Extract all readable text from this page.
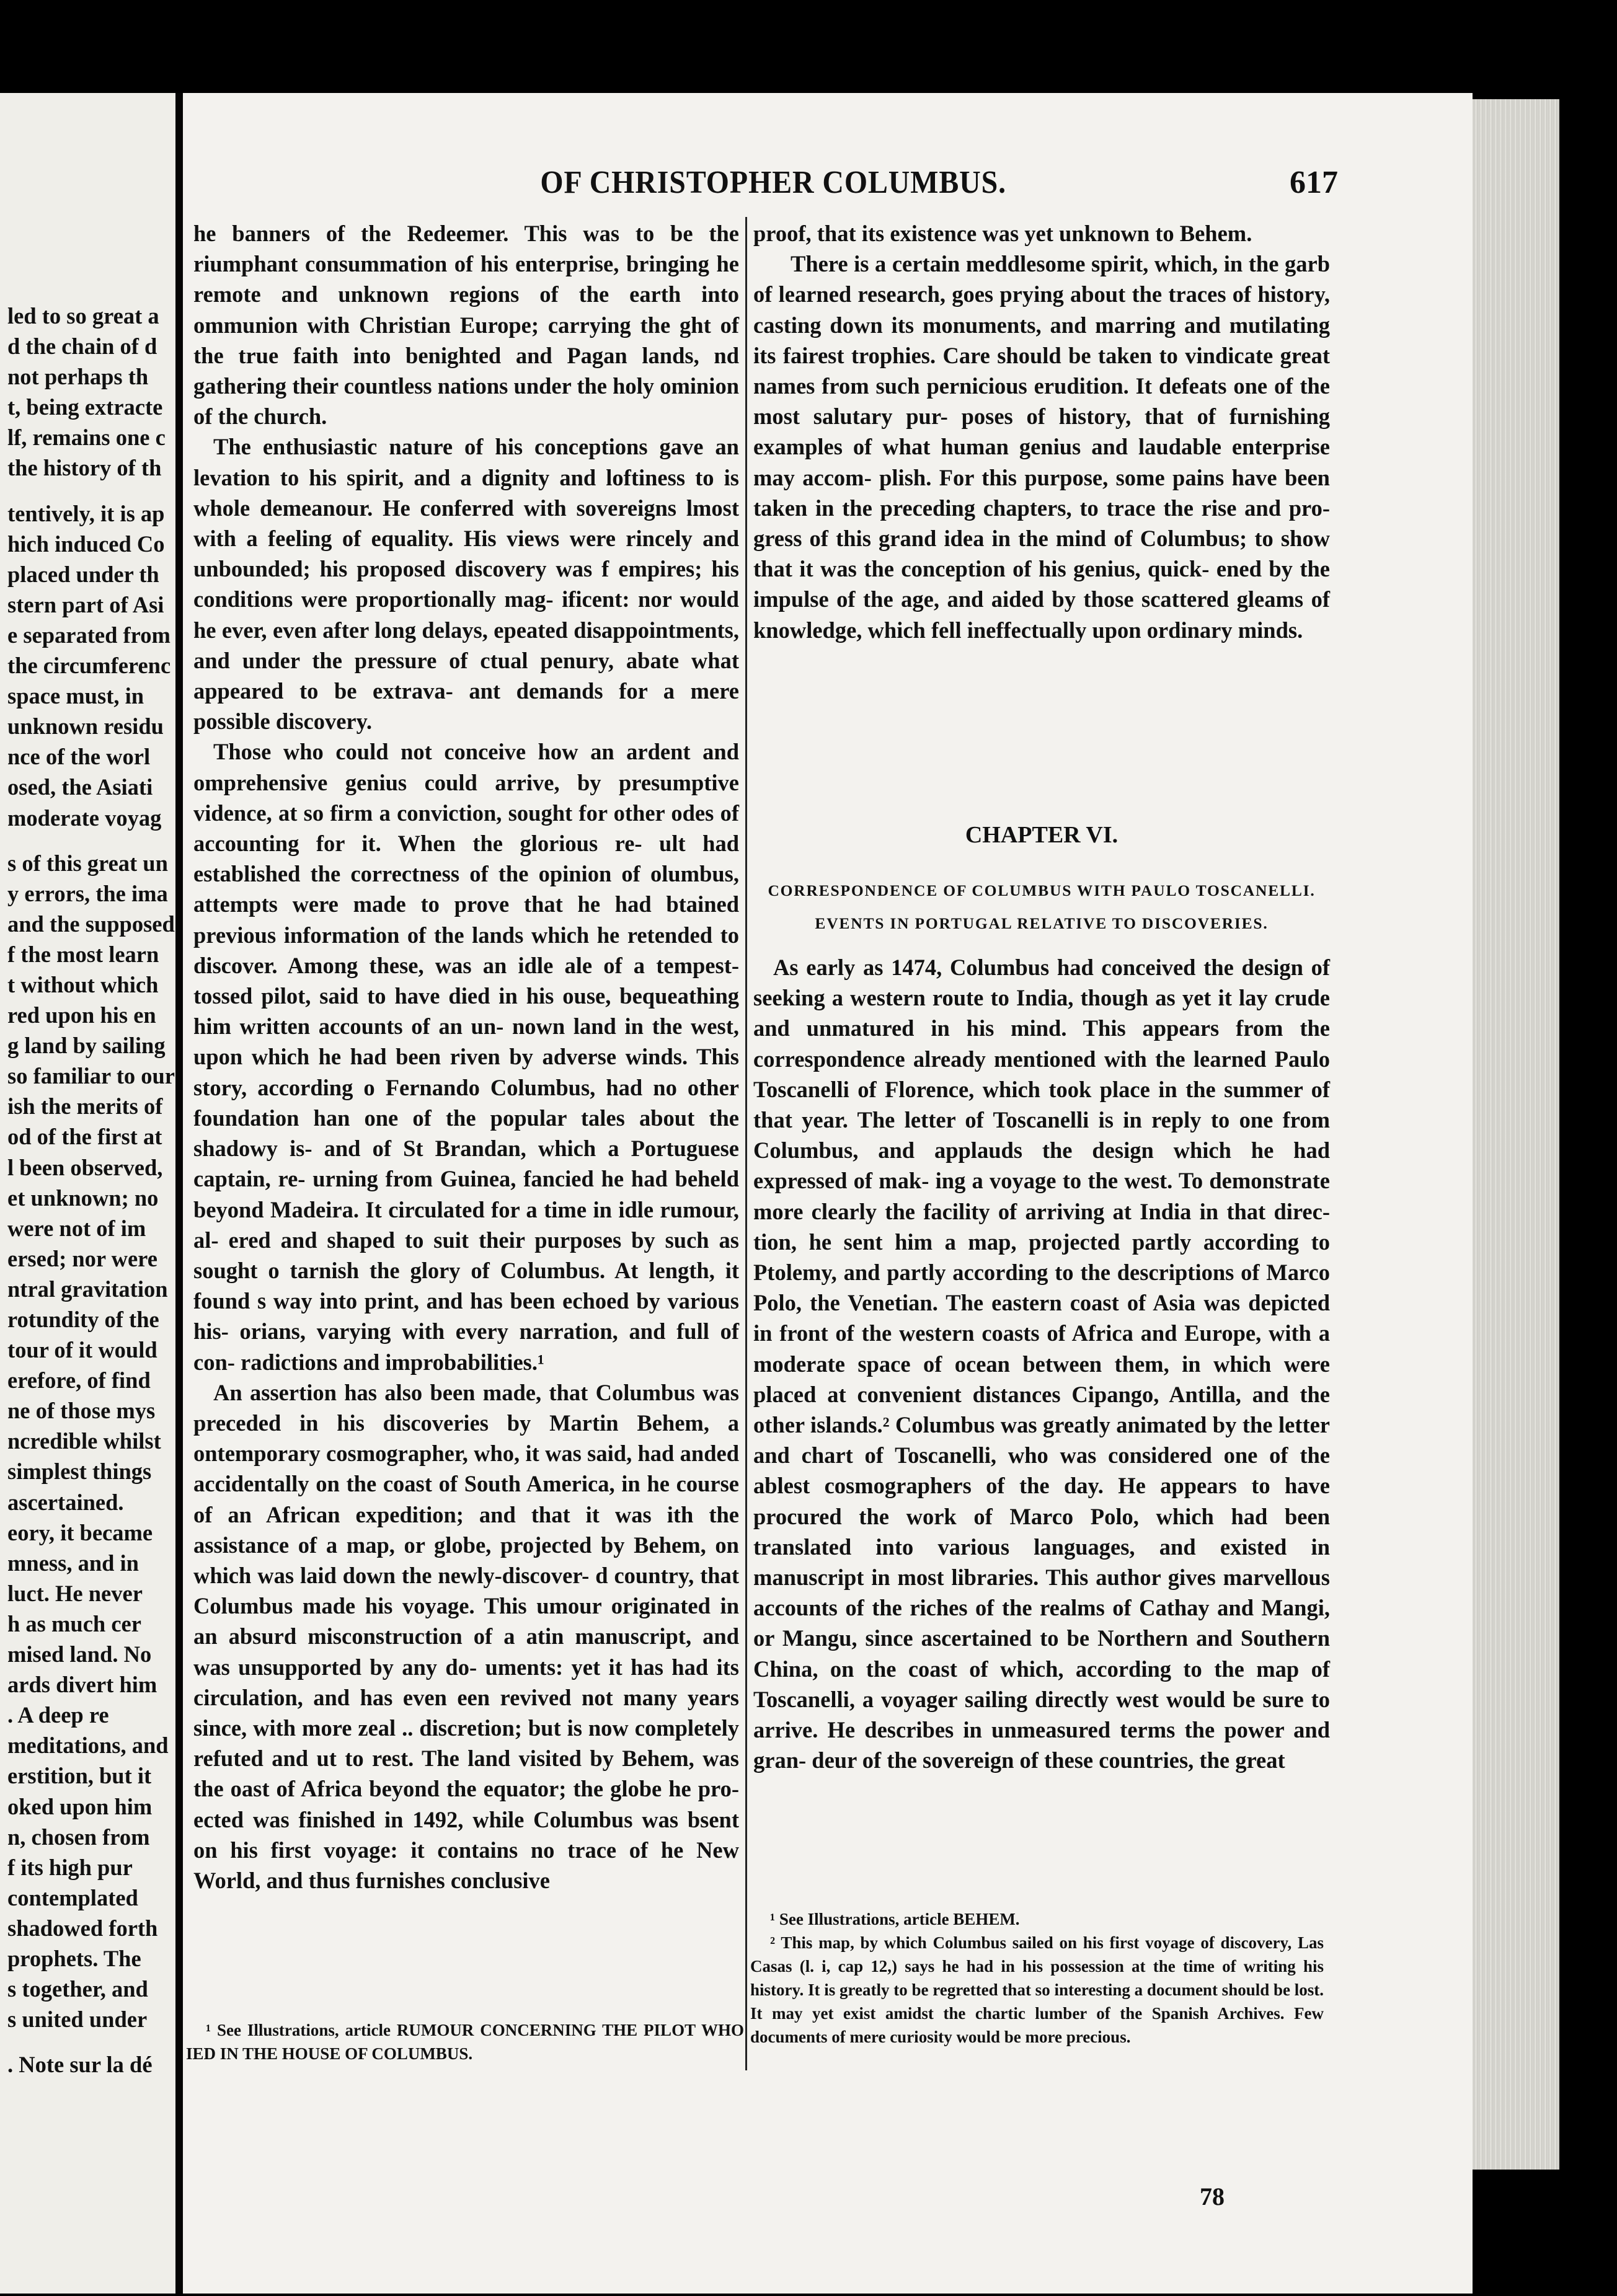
led to so great a
d the chain of d
not perhaps th
t, being extracte
lf, remains one c
the history of th
tentively, it is ap
hich induced Co
placed under th
stern part of Asi
e separated from
the circumferenc
space must, in
unknown residu
nce of the worl
osed, the Asiati
moderate voyag
s of this great un
y errors, the ima
and the supposed
f the most learn
t without which
red upon his en
g land by sailing
so familiar to our
ish the merits of
od of the first at
l been observed,
et unknown; no
were not of im
ersed; nor were
ntral gravitation
rotundity of the
tour of it would
erefore, of find
ne of those mys
ncredible whilst
simplest things
ascertained.
eory, it became
mness, and in
luct. He never
h as much cer
mised land. No
ards divert him
. A deep re
meditations, and
erstition, but it
oked upon him
n, chosen from
f its high pur
contemplated
shadowed forth
prophets. The
s together, and
s united under
. Note sur la dé
OF CHRISTOPHER COLUMBUS.	617

he banners of the Redeemer. This was to be the riumphant consummation of his enterprise, bringing he remote and unknown regions of the earth into ommunion with Christian Europe; carrying the ght of the true faith into benighted and Pagan lands, nd gathering their countless nations under the holy ominion of the church.

The enthusiastic nature of his conceptions gave an levation to his spirit, and a dignity and loftiness to is whole demeanour. He conferred with sovereigns lmost with a feeling of equality. His views were rincely and unbounded; his proposed discovery was f empires; his conditions were proportionally mag- ificent: nor would he ever, even after long delays, epeated disappointments, and under the pressure of ctual penury, abate what appeared to be extrava- ant demands for a mere possible discovery.

Those who could not conceive how an ardent and omprehensive genius could arrive, by presumptive vidence, at so firm a conviction, sought for other odes of accounting for it. When the glorious re- ult had established the correctness of the opinion of olumbus, attempts were made to prove that he had btained previous information of the lands which he retended to discover. Among these, was an idle ale of a tempest-tossed pilot, said to have died in his ouse, bequeathing him written accounts of an un- nown land in the west, upon which he had been riven by adverse winds. This story, according o Fernando Columbus, had no other foundation han one of the popular tales about the shadowy is- and of St Brandan, which a Portuguese captain, re- urning from Guinea, fancied he had beheld beyond Madeira. It circulated for a time in idle rumour, al- ered and shaped to suit their purposes by such as sought o tarnish the glory of Columbus. At length, it found s way into print, and has been echoed by various his- orians, varying with every narration, and full of con- radictions and improbabilities.¹

An assertion has also been made, that Columbus was preceded in his discoveries by Martin Behem, a ontemporary cosmographer, who, it was said, had anded accidentally on the coast of South America, in he course of an African expedition; and that it was ith the assistance of a map, or globe, projected by Behem, on which was laid down the newly-discover- d country, that Columbus made his voyage. This umour originated in an absurd misconstruction of a atin manuscript, and was unsupported by any do- uments: yet it has had its circulation, and has even een revived not many years since, with more zeal .. discretion; but is now completely refuted and ut to rest. The land visited by Behem, was the oast of Africa beyond the equator; the globe he pro- ected was finished in 1492, while Columbus was bsent on his first voyage: it contains no trace of he New World, and thus furnishes conclusive

proof, that its existence was yet unknown to Behem.

There is a certain meddlesome spirit, which, in the garb of learned research, goes prying about the traces of history, casting down its monuments, and marring and mutilating its fairest trophies. Care should be taken to vindicate great names from such pernicious erudition. It defeats one of the most salutary pur- poses of history, that of furnishing examples of what human genius and laudable enterprise may accom- plish. For this purpose, some pains have been taken in the preceding chapters, to trace the rise and pro- gress of this grand idea in the mind of Columbus; to show that it was the conception of his genius, quick- ened by the impulse of the age, and aided by those scattered gleams of knowledge, which fell ineffectually upon ordinary minds.

CHAPTER VI.
CORRESPONDENCE OF COLUMBUS WITH PAULO TOSCANELLI.
EVENTS IN PORTUGAL RELATIVE TO DISCOVERIES.

As early as 1474, Columbus had conceived the design of seeking a western route to India, though as yet it lay crude and unmatured in his mind. This appears from the correspondence already mentioned with the learned Paulo Toscanelli of Florence, which took place in the summer of that year. The letter of Toscanelli is in reply to one from Columbus, and applauds the design which he had expressed of mak- ing a voyage to the west. To demonstrate more clearly the facility of arriving at India in that direc- tion, he sent him a map, projected partly according to Ptolemy, and partly according to the descriptions of Marco Polo, the Venetian. The eastern coast of Asia was depicted in front of the western coasts of Africa and Europe, with a moderate space of ocean between them, in which were placed at convenient distances Cipango, Antilla, and the other islands.² Columbus was greatly animated by the letter and chart of Toscanelli, who was considered one of the ablest cosmographers of the day. He appears to have procured the work of Marco Polo, which had been translated into various languages, and existed in manuscript in most libraries. This author gives marvellous accounts of the riches of the realms of Cathay and Mangi, or Mangu, since ascertained to be Northern and Southern China, on the coast of which, according to the map of Toscanelli, a voyager sailing directly west would be sure to arrive. He describes in unmeasured terms the power and gran- deur of the sovereign of these countries, the great

¹ See Illustrations, article BEHEM.

² This map, by which Columbus sailed on his first voyage of discovery, Las Casas (l. i, cap 12,) says he had in his possession at the time of writing his history. It is greatly to be regretted that so interesting a document should be lost. It may yet exist amidst the chartic lumber of the Spanish Archives. Few documents of mere curiosity would be more precious.

¹ See Illustrations, article RUMOUR CONCERNING THE PILOT WHO IED IN THE HOUSE OF COLUMBUS.

78
